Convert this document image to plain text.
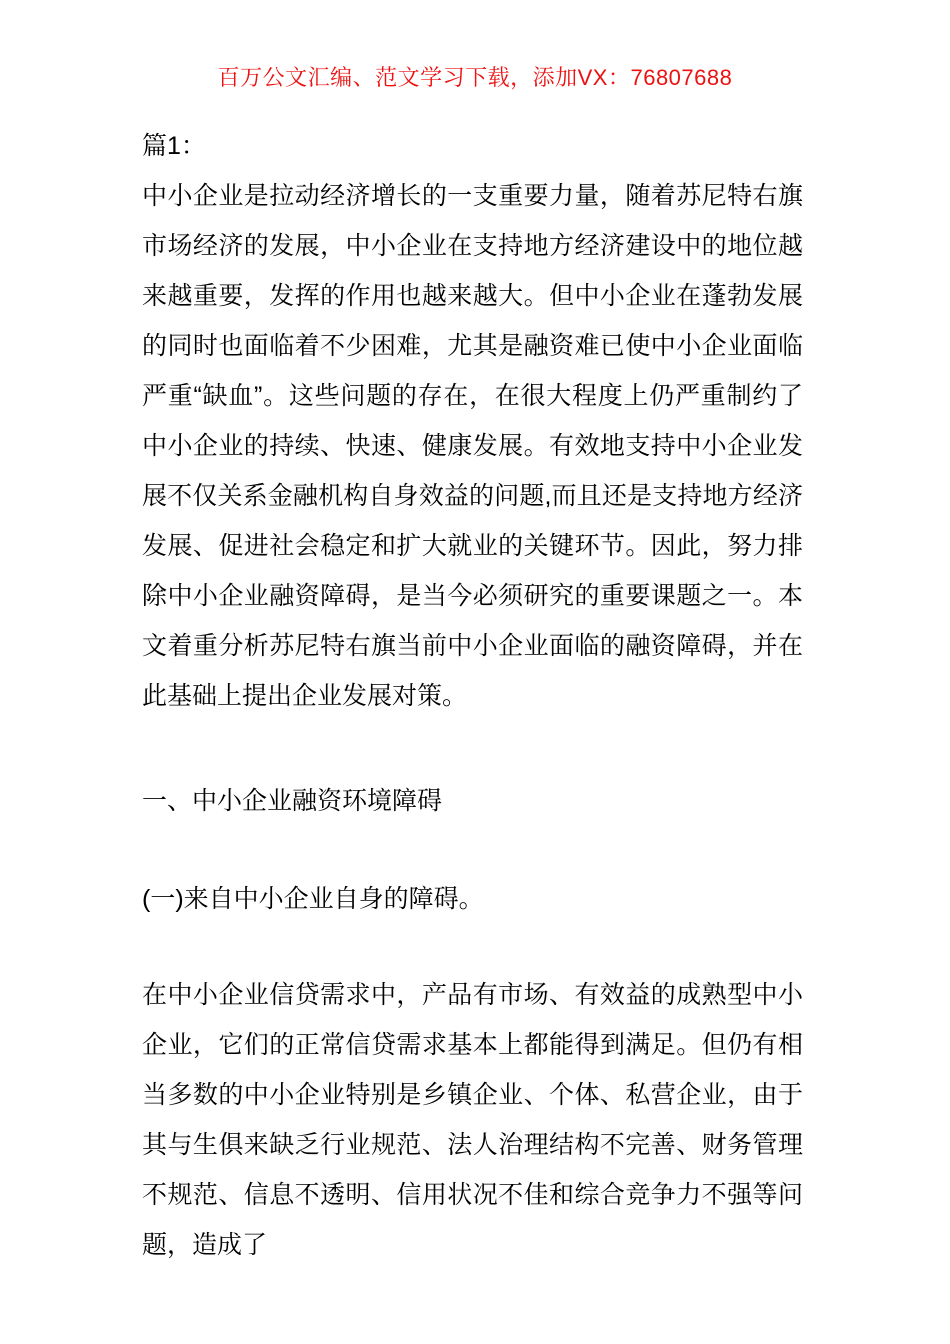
百万公文汇编、范文学习下载，添加VX：76807688

篇1：

中小企业是拉动经济增长的一支重要力量，随着苏尼特右旗市场经济的发展，中小企业在支持地方经济建设中的地位越来越重要，发挥的作用也越来越大。但中小企业在蓬勃发展的同时也面临着不少困难，尤其是融资难已使中小企业面临严重“缺血”。这些问题的存在，在很大程度上仍严重制约了中小企业的持续、快速、健康发展。有效地支持中小企业发展不仅关系金融机构自身效益的问题,而且还是支持地方经济发展、促进社会稳定和扩大就业的关键环节。因此，努力排除中小企业融资障碍，是当今必须研究的重要课题之一。本文着重分析苏尼特右旗当前中小企业面临的融资障碍，并在此基础上提出企业发展对策。

一、中小企业融资环境障碍

(一)来自中小企业自身的障碍。

在中小企业信贷需求中，产品有市场、有效益的成熟型中小企业，它们的正常信贷需求基本上都能得到满足。但仍有相当多数的中小企业特别是乡镇企业、个体、私营企业，由于其与生俱来缺乏行业规范、法人治理结构不完善、财务管理不规范、信息不透明、信用状况不佳和综合竞争力不强等问题，造成了
